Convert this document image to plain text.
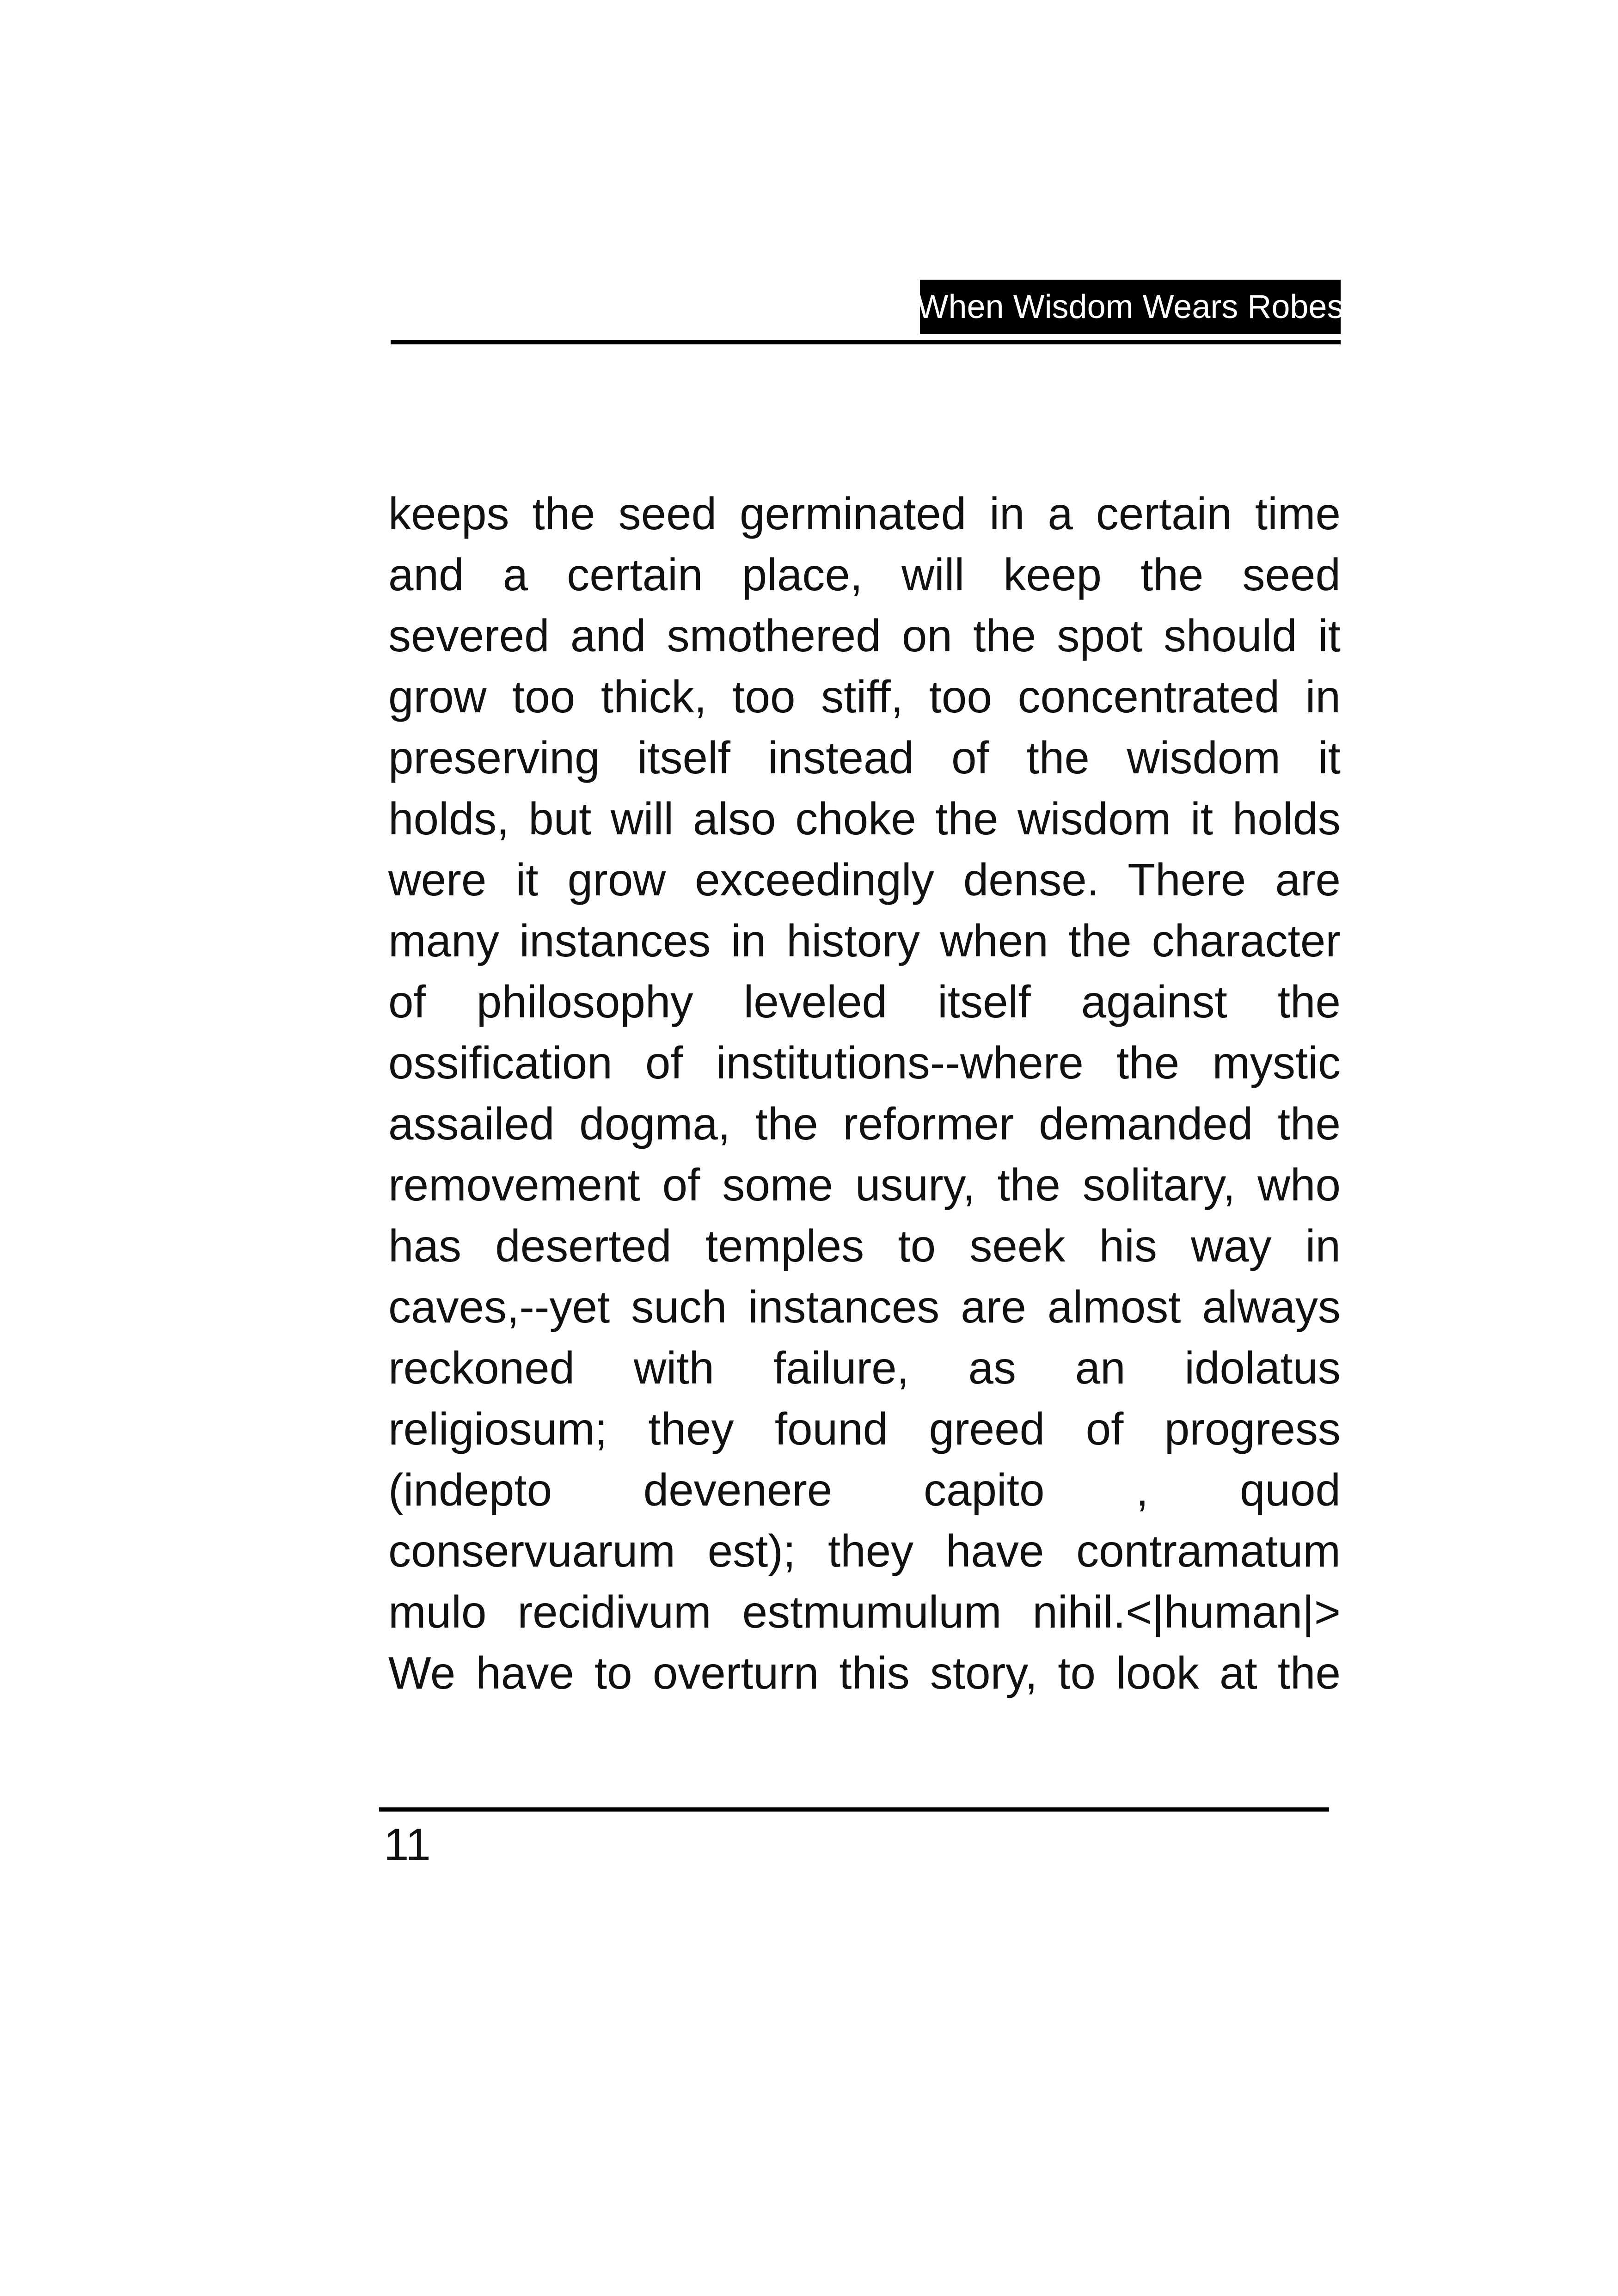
When Wisdom Wears Robes
keeps the seed germinated in a certain time
and a certain place, will keep the seed
severed and smothered on the spot should it
grow too thick, too stiff, too concentrated in
preserving itself instead of the wisdom it
holds, but will also choke the wisdom it holds
were it grow exceedingly dense. There are
many instances in history when the character
of philosophy leveled itself against the
ossification of institutions--where the mystic
assailed dogma, the reformer demanded the
removement of some usury, the solitary, who
has deserted temples to seek his way in
caves,--yet such instances are almost always
reckoned with failure, as an idolatus
religiosum; they found greed of progress
(indepto devenere capito , quod
conservuarum est); they have contramatum
mulo recidivum estmumulum nihil.<|human|>
We have to overturn this story, to look at the
11
